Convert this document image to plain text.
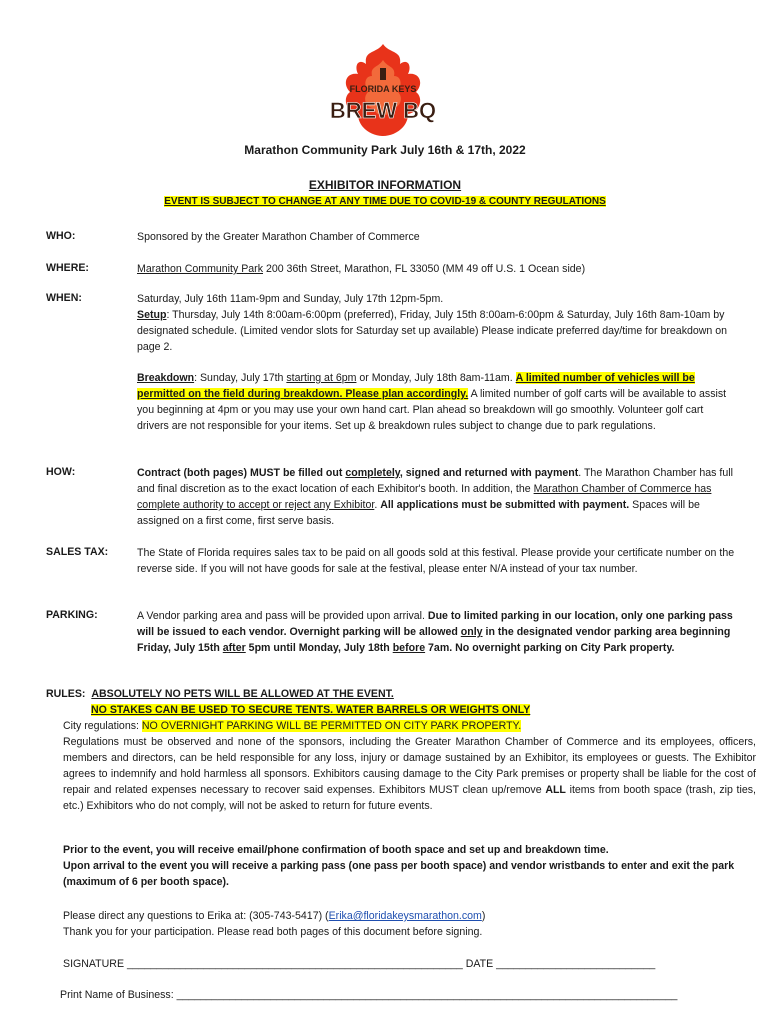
FLORIDA KEYS
BREW BQ
Marathon Community Park July 16th & 17th, 2022
EXHIBITOR INFORMATION
EVENT IS SUBJECT TO CHANGE AT ANY TIME DUE TO COVID-19 & COUNTY REGULATIONS
WHO:	Sponsored by the Greater Marathon Chamber of Commerce
WHERE:	Marathon Community Park 200 36th Street, Marathon, FL 33050 (MM 49 off U.S. 1 Ocean side)
WHEN:	Saturday, July 16th 11am-9pm and Sunday, July 17th 12pm-5pm.
Setup: Thursday, July 14th 8:00am-6:00pm (preferred), Friday, July 15th 8:00am-6:00pm & Saturday, July 16th 8am-10am by designated schedule. (Limited vendor slots for Saturday set up available) Please indicate preferred day/time for breakdown on page 2.
Breakdown: Sunday, July 17th starting at 6pm or Monday, July 18th 8am-11am. A limited number of vehicles will be permitted on the field during breakdown. Please plan accordingly. A limited number of golf carts will be available to assist you beginning at 4pm or you may use your own hand cart. Plan ahead so breakdown will go smoothly. Volunteer golf cart drivers are not responsible for your items. Set up & breakdown rules subject to change due to park regulations.
HOW:	Contract (both pages) MUST be filled out completely, signed and returned with payment. The Marathon Chamber has full and final discretion as to the exact location of each Exhibitor's booth. In addition, the Marathon Chamber of Commerce has complete authority to accept or reject any Exhibitor. All applications must be submitted with payment. Spaces will be assigned on a first come, first serve basis.
SALES TAX:	The State of Florida requires sales tax to be paid on all goods sold at this festival. Please provide your certificate number on the reverse side. If you will not have goods for sale at the festival, please enter N/A instead of your tax number.
PARKING:	A Vendor parking area and pass will be provided upon arrival. Due to limited parking in our location, only one parking pass will be issued to each vendor. Overnight parking will be allowed only in the designated vendor parking area beginning Friday, July 15th after 5pm until Monday, July 18th before 7am. No overnight parking on City Park property.
RULES: ABSOLUTELY NO PETS WILL BE ALLOWED AT THE EVENT.
NO STAKES CAN BE USED TO SECURE TENTS. WATER BARRELS OR WEIGHTS ONLY
City regulations: NO OVERNIGHT PARKING WILL BE PERMITTED ON CITY PARK PROPERTY.
Regulations must be observed and none of the sponsors, including the Greater Marathon Chamber of Commerce and its employees, officers, members and directors, can be held responsible for any loss, injury or damage sustained by an Exhibitor, its employees or guests. The Exhibitor agrees to indemnify and hold harmless all sponsors. Exhibitors causing damage to the City Park premises or property shall be liable for the cost of repair and related expenses necessary to recover said expenses. Exhibitors MUST clean up/remove ALL items from booth space (trash, zip ties, etc.) Exhibitors who do not comply, will not be asked to return for future events.
Prior to the event, you will receive email/phone confirmation of booth space and set up and breakdown time.
Upon arrival to the event you will receive a parking pass (one pass per booth space) and vendor wristbands to enter and exit the park (maximum of 6 per booth space).
Please direct any questions to Erika at: (305-743-5417) (Erika@floridakeysmarathon.com)
Thank you for your participation. Please read both pages of this document before signing.
SIGNATURE _________________________________________________________ DATE ___________________________
Print Name of Business: _____________________________________________________________________________________
